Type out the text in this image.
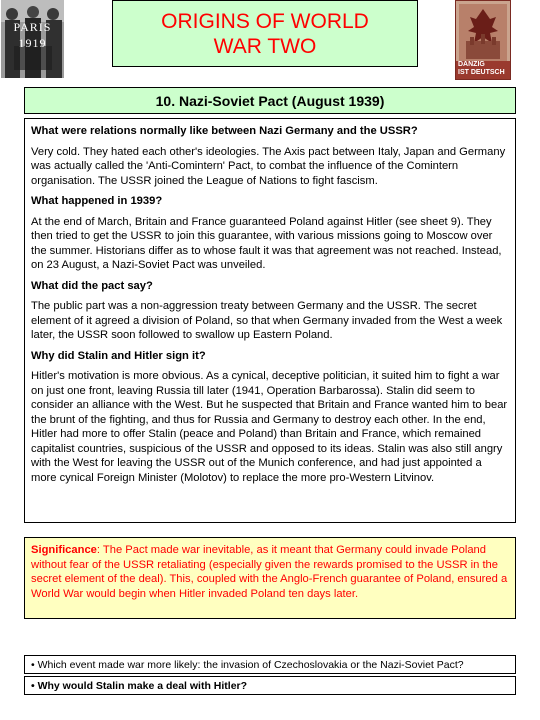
PARIS
1919
ORIGINS OF WORLD
WAR TWO
DANZIG
IST DEUTSCH
10. Nazi-Soviet Pact (August 1939)
What were relations normally like between Nazi Germany and the USSR?

Very cold. They hated each other's ideologies. The Axis pact between Italy, Japan and Germany was actually called the 'Anti-Comintern' Pact, to combat the influence of the Comintern organisation. The USSR joined the League of Nations to fight fascism.

What happened in 1939?

At the end of March, Britain and France guaranteed Poland against Hitler (see sheet 9). They then tried to get the USSR to join this guarantee, with various missions going to Moscow over the summer. Historians differ as to whose fault it was that agreement was not reached. Instead, on 23 August, a Nazi-Soviet Pact was unveiled.

What did the pact say?

The public part was a non-aggression treaty between Germany and the USSR. The secret element of it agreed a division of Poland, so that when Germany invaded from the West a week later, the USSR soon followed to swallow up Eastern Poland.

Why did Stalin and Hitler sign it?

Hitler's motivation is more obvious. As a cynical, deceptive politician, it suited him to fight a war on just one front, leaving Russia till later (1941, Operation Barbarossa). Stalin did seem to consider an alliance with the West. But he suspected that Britain and France wanted him to bear the brunt of the fighting, and thus for Russia and Germany to destroy each other. In the end, Hitler had more to offer Stalin (peace and Poland) than Britain and France, which remained capitalist countries, suspicious of the USSR and opposed to its ideas. Stalin was also still angry with the West for leaving the USSR out of the Munich conference, and had just appointed a more cynical Foreign Minister (Molotov) to replace the more pro-Western Litvinov.

Significance: The Pact made war inevitable, as it meant that Germany could invade Poland without fear of the USSR retaliating (especially given the rewards promised to the USSR in the secret element of the deal). This, coupled with the Anglo-French guarantee of Poland, ensured a World War would begin when Hitler invaded Poland ten days later.
• Which event made war more likely: the invasion of Czechoslovakia or the Nazi-Soviet Pact?
• Why would Stalin make a deal with Hitler?
